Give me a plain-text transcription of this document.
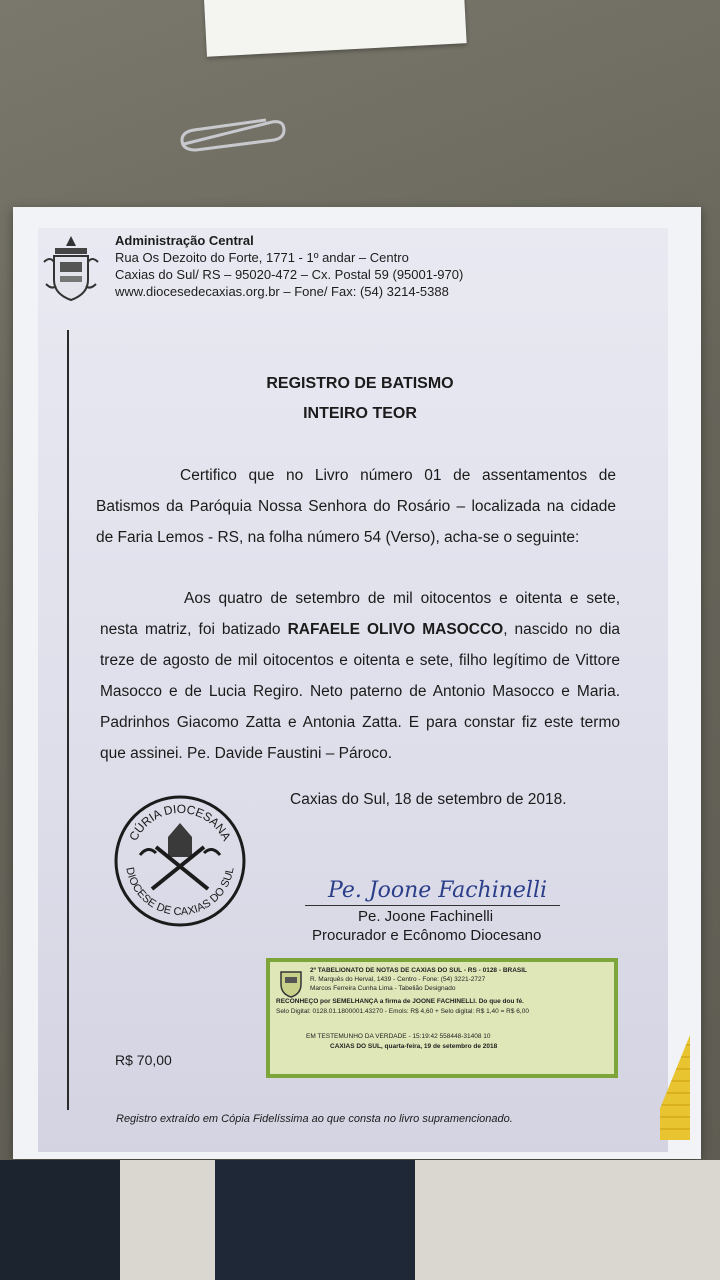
Administração Central
Rua Os Dezoito do Forte, 1771 - 1º andar – Centro
Caxias do Sul/ RS – 95020-472 – Cx. Postal 59 (95001-970)
www.diocesedecaxias.org.br – Fone/ Fax: (54) 3214-5388
REGISTRO DE BATISMO
INTEIRO TEOR

Certifico que no Livro número 01 de assentamentos de Batismos da Paróquia Nossa Senhora do Rosário – localizada na cidade de Faria Lemos - RS, na folha número 54 (Verso), acha-se o seguinte:

Aos quatro de setembro de mil oitocentos e oitenta e sete, nesta matriz, foi batizado RAFAELE OLIVO MASOCCO, nascido no dia treze de agosto de mil oitocentos e oitenta e sete, filho legítimo de Vittore Masocco e de Lucia Regiro. Neto paterno de Antonio Masocco e Maria. Padrinhos Giacomo Zatta e Antonia Zatta. E para constar fiz este termo que assinei. Pe. Davide Faustini – Pároco.

Caxias do Sul, 18 de setembro de 2018.
CÚRIA DIOCESANA
DIOCESE DE CAXIAS DO SUL
Pe. Joone Fachinelli
Pe. Joone Fachinelli
Procurador e Ecônomo Diocesano
2º TABELIONATO DE NOTAS DE CAXIAS DO SUL - RS - 0128 - BRASIL
R. Marquês do Herval, 1439 - Centro - Fone: (54) 3221-2727
Marcos Ferreira Cunha Lima - Tabelião Designado
RECONHEÇO por SEMELHANÇA a firma de JOONE FACHINELLI. Do que dou fé.
Selo Digital: 0128.01.1800001.43270 - Emols: R$ 4,60 + Selo digital: R$ 1,40 = R$ 6,00
EM TESTEMUNHO DA VERDADE - 15:19:42 558448-31408 10
CAXIAS DO SUL, quarta-feira, 19 de setembro de 2018
R$ 70,00
Registro extraído em Cópia Fidelíssima ao que consta no livro supramencionado.
